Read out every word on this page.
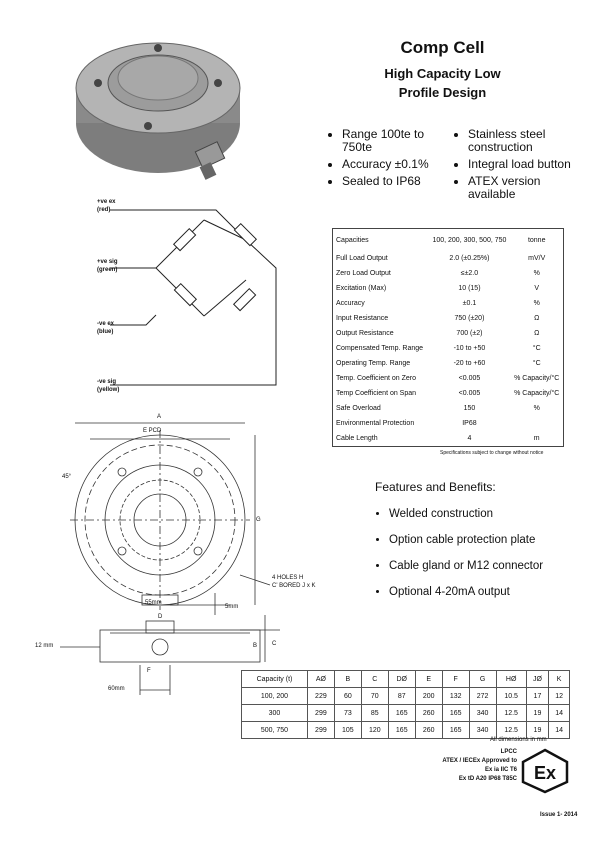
Comp Cell
High Capacity Low
Profile Design
• Range 100te to 750te
• Accuracy ±0.1%
• Sealed to IP68
• Stainless steel construction
• Integral load button
• ATEX version available
+ve ex
(red)
+ve sig
(green)
-ve ex
(blue)
-ve sig
(yellow)
Capacities	100, 200, 300, 500, 750	tonne
Full Load Output	2.0 (±0.25%)	mV/V
Zero Load Output	≤±2.0	%
Excitation (Max)	10 (15)	V
Accuracy	±0.1	%
Input Resistance	750 (±20)	Ω
Output Resistance	700 (±2)	Ω
Compensated Temp. Range	-10 to +50	°C
Operating Temp. Range	-20 to +60	°C
Temp. Coefficient on Zero	<0.005	% Capacity/°C
Temp Coefficient on Span	<0.005	% Capacity/°C
Safe Overload	150	%
Environmental Protection	IP68	
Cable Length	4	m
Specifications subject to change without notice
A
E PCD
45°
G
4 HOLES H
C' BORED J x K
55mm
5mm
D
12 mm	B C
60mm
F
Features and Benefits:
• Welded construction
• Option cable protection plate
• Cable gland or M12 connector
• Optional 4-20mA output
Capacity (t)	AØ	B	C	DØ	E	F	G	HØ	JØ	K
100, 200	229	60	70	87	200	132	272	10.5	17	12
300	299	73	85	165	260	165	340	12.5	19	14
500, 750	299	105	120	165	260	165	340	12.5	19	14
All dimensions in mm
LPCC
ATEX / IECEx Approved to
Ex ia IIC T6
Ex tD A20 IP68 T85C Ex
Issue 1- 2014
